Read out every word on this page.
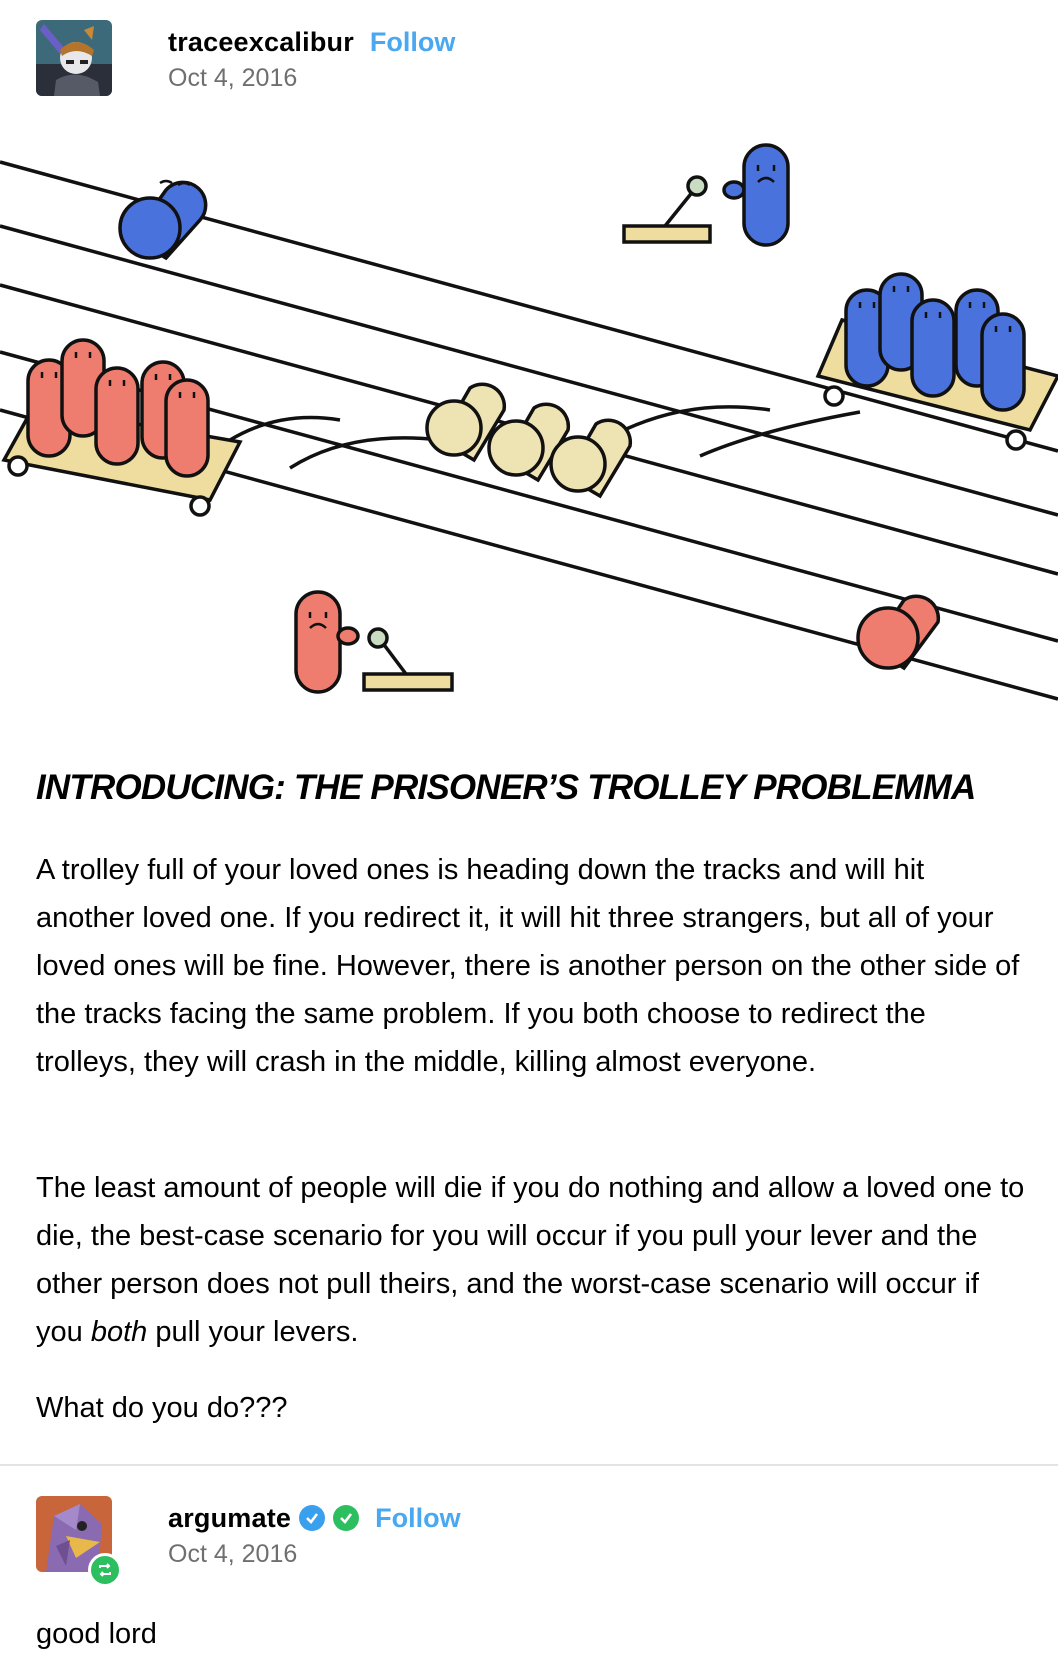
traceexcalibur Follow
Oct 4, 2016
INTRODUCING: THE PRISONER’S TROLLEY PROBLEMMA

A trolley full of your loved ones is heading down the tracks and will hit another loved one. If you redirect it, it will hit three strangers, but all of your loved ones will be fine. However, there is another person on the other side of the tracks facing the same problem. If you both choose to redirect the trolleys, they will crash in the middle, killing almost everyone.

The least amount of people will die if you do nothing and allow a loved one to die, the best-case scenario for you will occur if you pull your lever and the other person does not pull theirs, and the worst-case scenario will occur if you both pull your levers.

What do you do???

argumate	Follow
Oct 4, 2016

good lord
